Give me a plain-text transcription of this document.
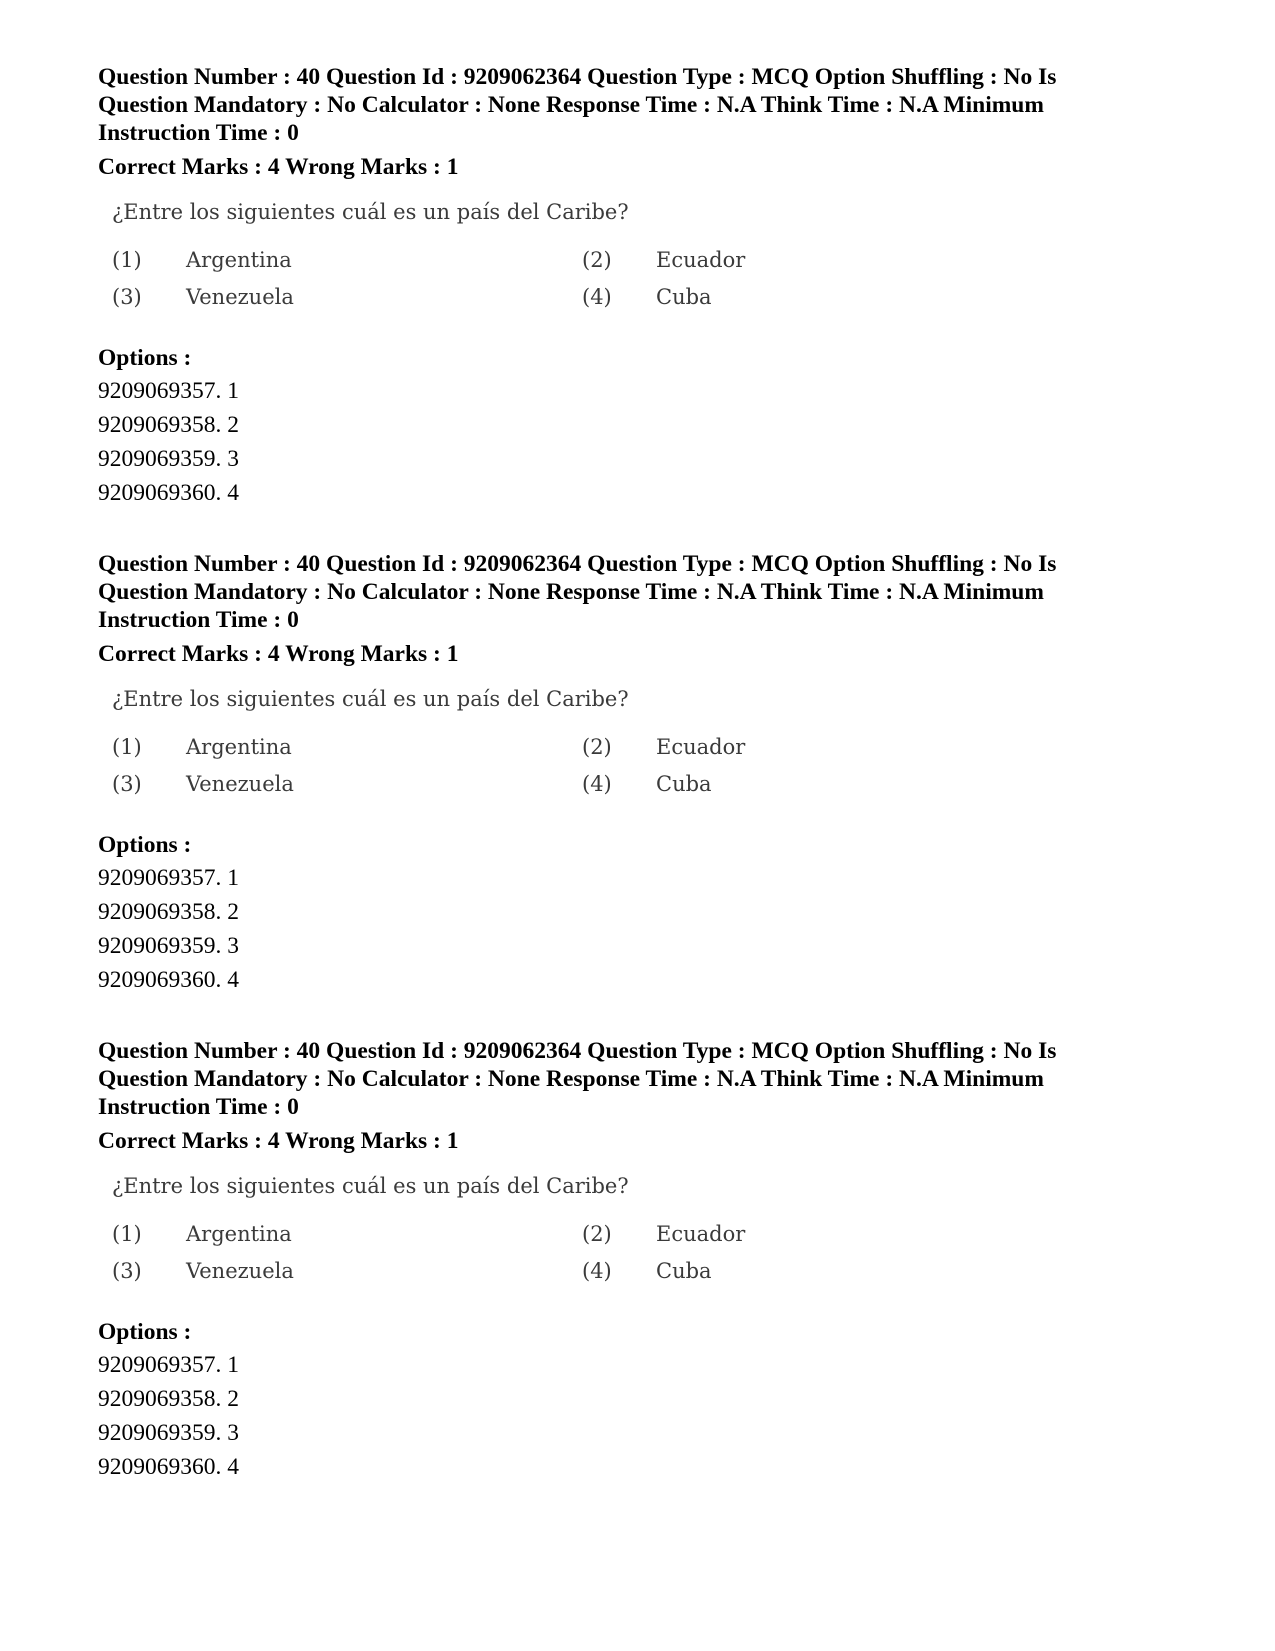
Question Number : 40 Question Id : 9209062364 Question Type : MCQ Option Shuffling : No Is
Question Mandatory : No Calculator : None Response Time : N.A Think Time : N.A Minimum
Instruction Time : 0

Correct Marks : 4 Wrong Marks : 1

¿Entre los siguientes cuál es un país del Caribe?
(1) Argentina	(2) Ecuador
(3) Venezuela	(4) Cuba
Options :
9209069357. 1
9209069358. 2
9209069359. 3
9209069360. 4

Question Number : 40 Question Id : 9209062364 Question Type : MCQ Option Shuffling : No Is
Question Mandatory : No Calculator : None Response Time : N.A Think Time : N.A Minimum
Instruction Time : 0

Correct Marks : 4 Wrong Marks : 1

¿Entre los siguientes cuál es un país del Caribe?
(1) Argentina	(2) Ecuador
(3) Venezuela	(4) Cuba
Options :
9209069357. 1
9209069358. 2
9209069359. 3
9209069360. 4

Question Number : 40 Question Id : 9209062364 Question Type : MCQ Option Shuffling : No Is
Question Mandatory : No Calculator : None Response Time : N.A Think Time : N.A Minimum
Instruction Time : 0

Correct Marks : 4 Wrong Marks : 1

¿Entre los siguientes cuál es un país del Caribe?
(1) Argentina	(2) Ecuador
(3) Venezuela	(4) Cuba
Options :
9209069357. 1
9209069358. 2
9209069359. 3
9209069360. 4
